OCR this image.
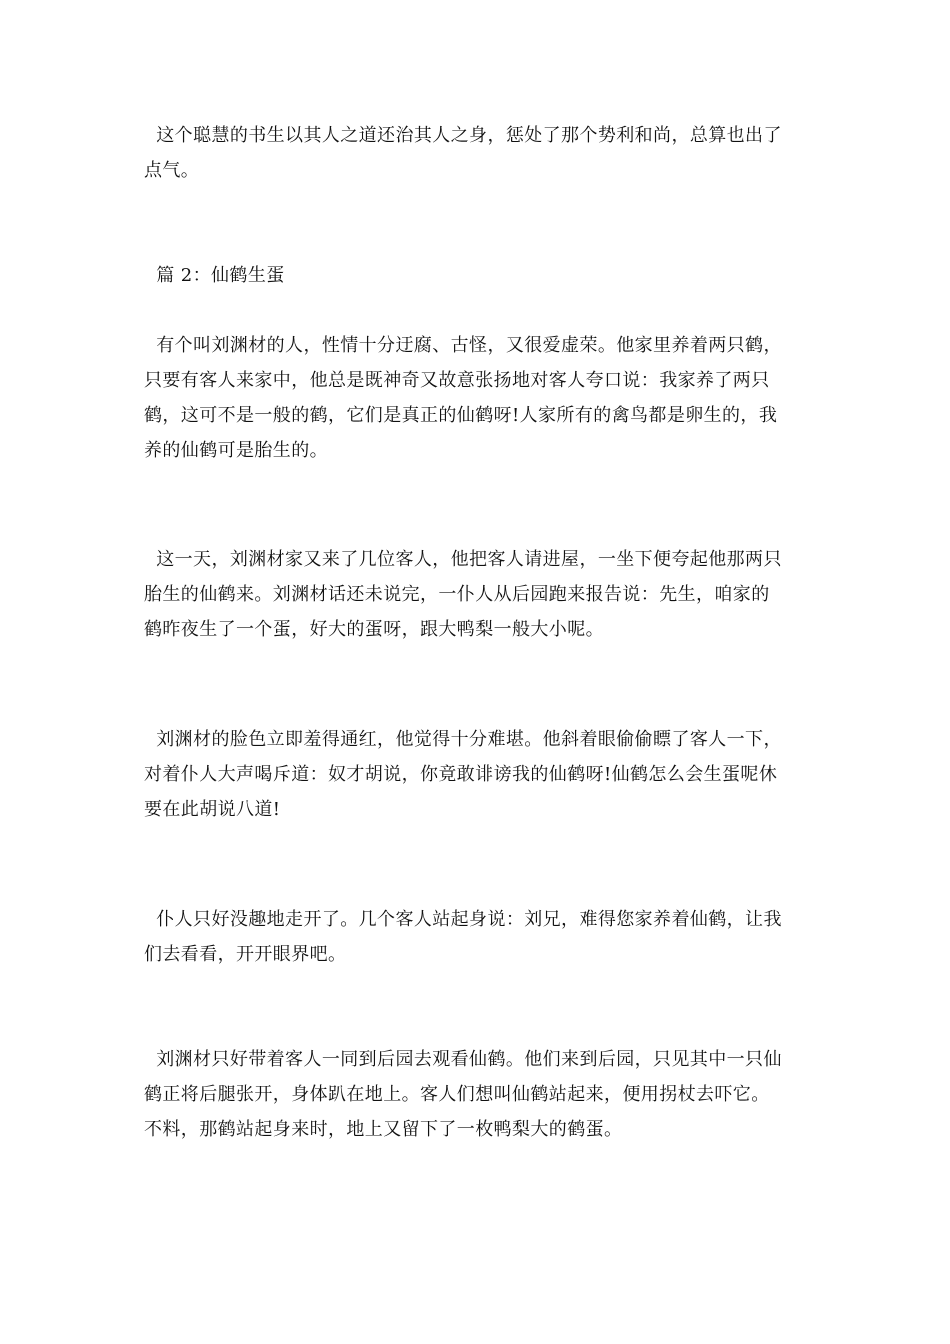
这个聪慧的书生以其人之道还治其人之身，惩处了那个势利和尚，总算也出了
点气。

篇 2：仙鹤生蛋

有个叫刘渊材的人，性情十分迂腐、古怪，又很爱虚荣。他家里养着两只鹤，
只要有客人来家中，他总是既神奇又故意张扬地对客人夸口说：我家养了两只
鹤，这可不是一般的鹤，它们是真正的仙鹤呀!人家所有的禽鸟都是卵生的，我
养的仙鹤可是胎生的。

这一天，刘渊材家又来了几位客人，他把客人请进屋，一坐下便夸起他那两只
胎生的仙鹤来。刘渊材话还未说完，一仆人从后园跑来报告说：先生，咱家的
鹤昨夜生了一个蛋，好大的蛋呀，跟大鸭梨一般大小呢。

刘渊材的脸色立即羞得通红，他觉得十分难堪。他斜着眼偷偷瞟了客人一下，
对着仆人大声喝斥道：奴才胡说，你竟敢诽谤我的仙鹤呀!仙鹤怎么会生蛋呢休
要在此胡说八道!

仆人只好没趣地走开了。几个客人站起身说：刘兄，难得您家养着仙鹤，让我
们去看看，开开眼界吧。

刘渊材只好带着客人一同到后园去观看仙鹤。他们来到后园，只见其中一只仙
鹤正将后腿张开，身体趴在地上。客人们想叫仙鹤站起来，便用拐杖去吓它。
不料，那鹤站起身来时，地上又留下了一枚鸭梨大的鹤蛋。
